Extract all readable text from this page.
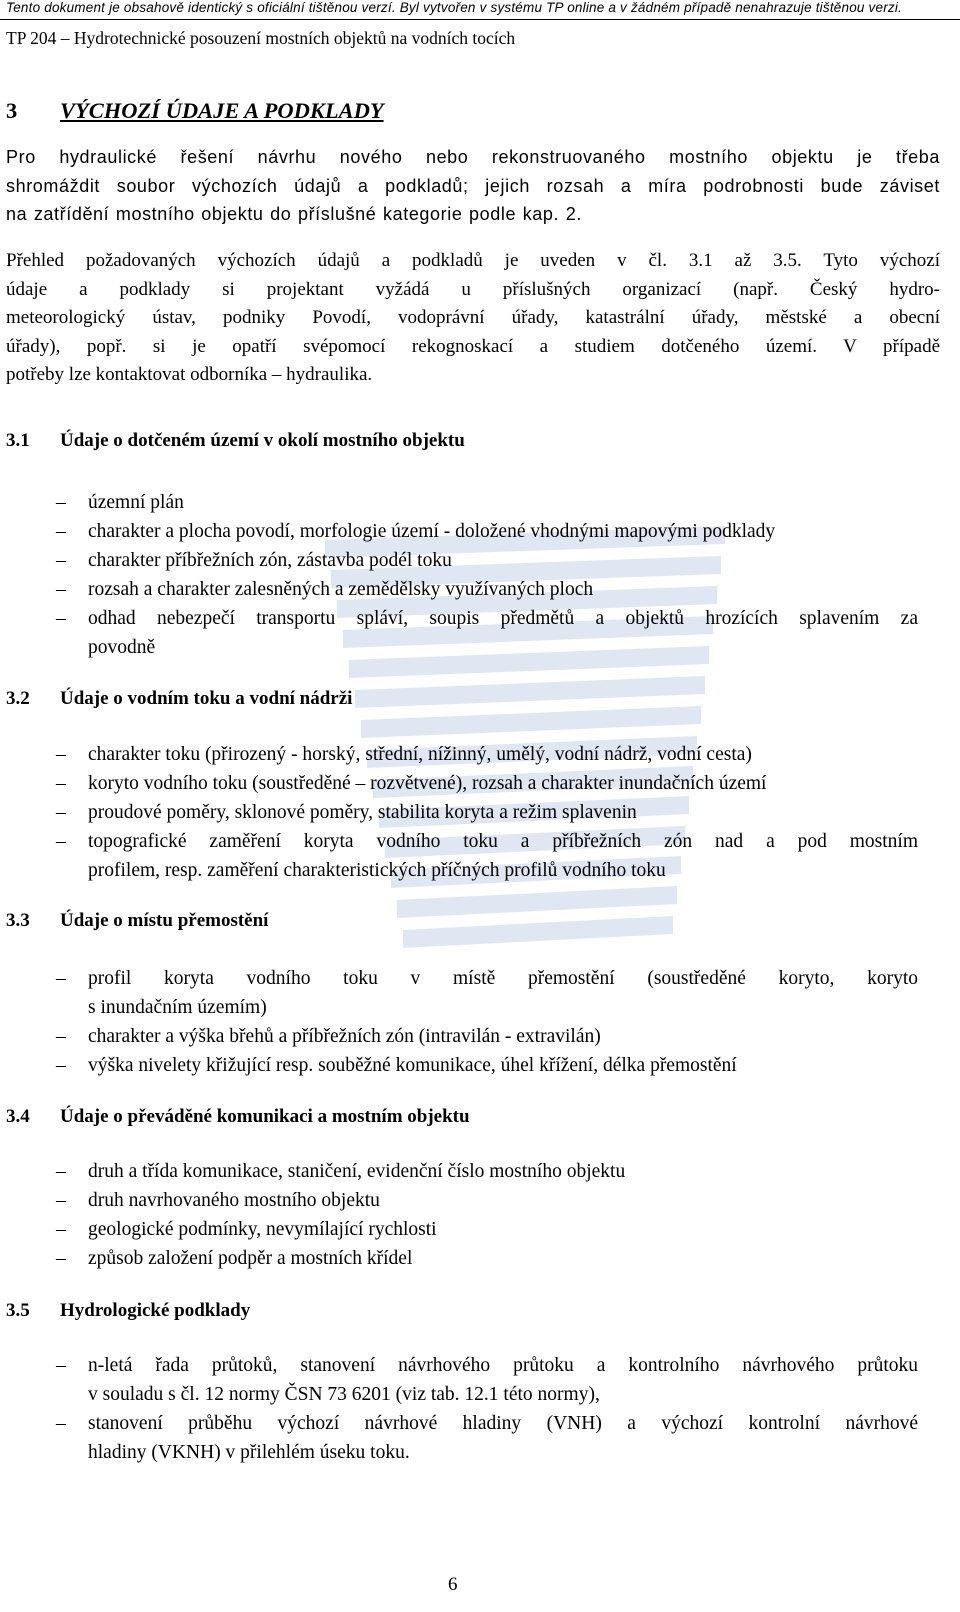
Tento dokument je obsahově identický s oficiální tištěnou verzí. Byl vytvořen v systému TP online a v žádném případě nenahrazuje tištěnou verzi.
TP 204 – Hydrotechnické posouzení mostních objektů na vodních tocích
3 VÝCHOZÍ ÚDAJE A PODKLADY
Pro hydraulické řešení návrhu nového nebo rekonstruovaného mostního objektu je třeba
shromáždit soubor výchozích údajů a podkladů; jejich rozsah a míra podrobnosti bude záviset
na zatřídění mostního objektu do příslušné kategorie podle kap. 2.
Přehled požadovaných výchozích údajů a podkladů je uveden v čl. 3.1 až 3.5. Tyto výchozí
údaje a podklady si projektant vyžádá u příslušných organizací (např. Český hydro-
meteorologický ústav, podniky Povodí, vodoprávní úřady, katastrální úřady, městské a obecní
úřady), popř. si je opatří svépomocí rekognoskací a studiem dotčeného území. V případě
potřeby lze kontaktovat odborníka – hydraulika.
3.1 Údaje o dotčeném území v okolí mostního objektu
– územní plán
– charakter a plocha povodí, morfologie území - doložené vhodnými mapovými podklady
– charakter příbřežních zón, zástavba podél toku
– rozsah a charakter zalesněných a zemědělsky využívaných ploch
– odhad nebezpečí transportu spláví, soupis předmětů a objektů hrozících splavením za
povodně
3.2 Údaje o vodním toku a vodní nádrži
– charakter toku (přirozený - horský, střední, nížinný, umělý, vodní nádrž, vodní cesta)
– koryto vodního toku (soustředěné – rozvětvené), rozsah a charakter inundačních území
– proudové poměry, sklonové poměry, stabilita koryta a režim splavenin
– topografické zaměření koryta vodního toku a příbřežních zón nad a pod mostním
profilem, resp. zaměření charakteristických příčných profilů vodního toku
3.3 Údaje o místu přemostění
– profil koryta vodního toku v místě přemostění (soustředěné koryto, koryto
s inundačním územím)
– charakter a výška břehů a příbřežních zón (intravilán - extravilán)
– výška nivelety křižující resp. souběžné komunikace, úhel křížení, délka přemostění
3.4 Údaje o převáděné komunikaci a mostním objektu
– druh a třída komunikace, staničení, evidenční číslo mostního objektu
– druh navrhovaného mostního objektu
– geologické podmínky, nevymílající rychlosti
– způsob založení podpěr a mostních křídel
3.5 Hydrologické podklady
– n-letá řada průtoků, stanovení návrhového průtoku a kontrolního návrhového průtoku
v souladu s čl. 12 normy ČSN 73 6201 (viz tab. 12.1 této normy),
– stanovení průběhu výchozí návrhové hladiny (VNH) a výchozí kontrolní návrhové
hladiny (VKNH) v přilehlém úseku toku.
6
